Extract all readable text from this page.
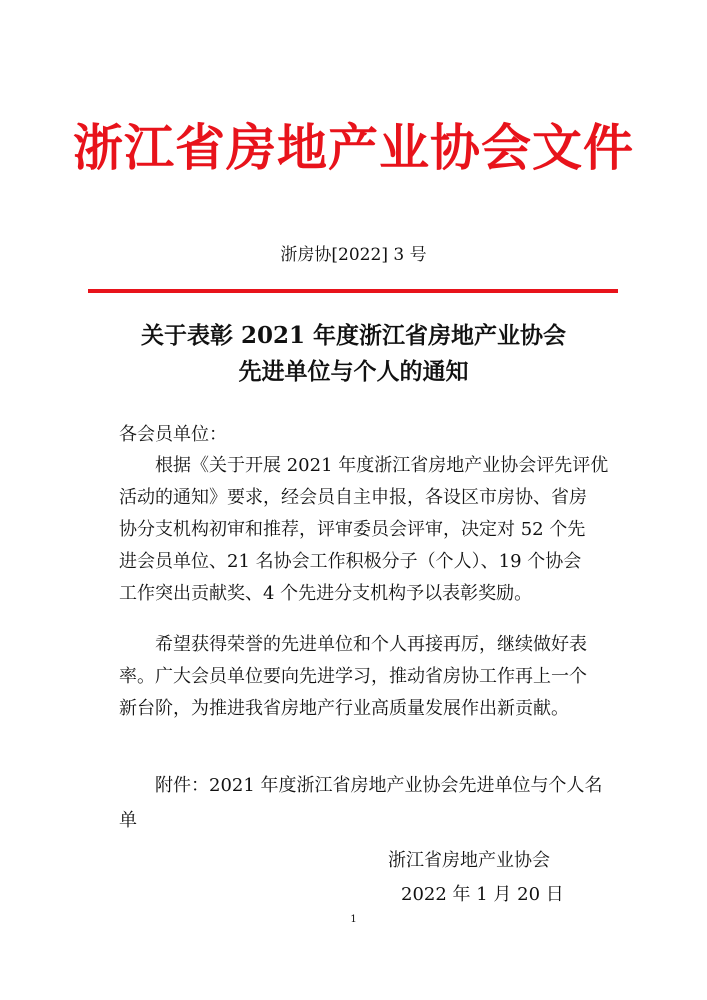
浙江省房地产业协会文件
浙房协[2022] 3 号
关于表彰 2021 年度浙江省房地产业协会
先进单位与个人的通知
各会员单位：
根据《关于开展 2021 年度浙江省房地产业协会评先评优
活动的通知》要求，经会员自主申报，各设区市房协、省房
协分支机构初审和推荐，评审委员会评审，决定对 52 个先
进会员单位、21 名协会工作积极分子（个人）、19 个协会
工作突出贡献奖、4 个先进分支机构予以表彰奖励。
希望获得荣誉的先进单位和个人再接再厉，继续做好表
率。广大会员单位要向先进学习，推动省房协工作再上一个
新台阶，为推进我省房地产行业高质量发展作出新贡献。
附件：2021 年度浙江省房地产业协会先进单位与个人名
单
浙江省房地产业协会
2022 年 1 月 20 日
1
